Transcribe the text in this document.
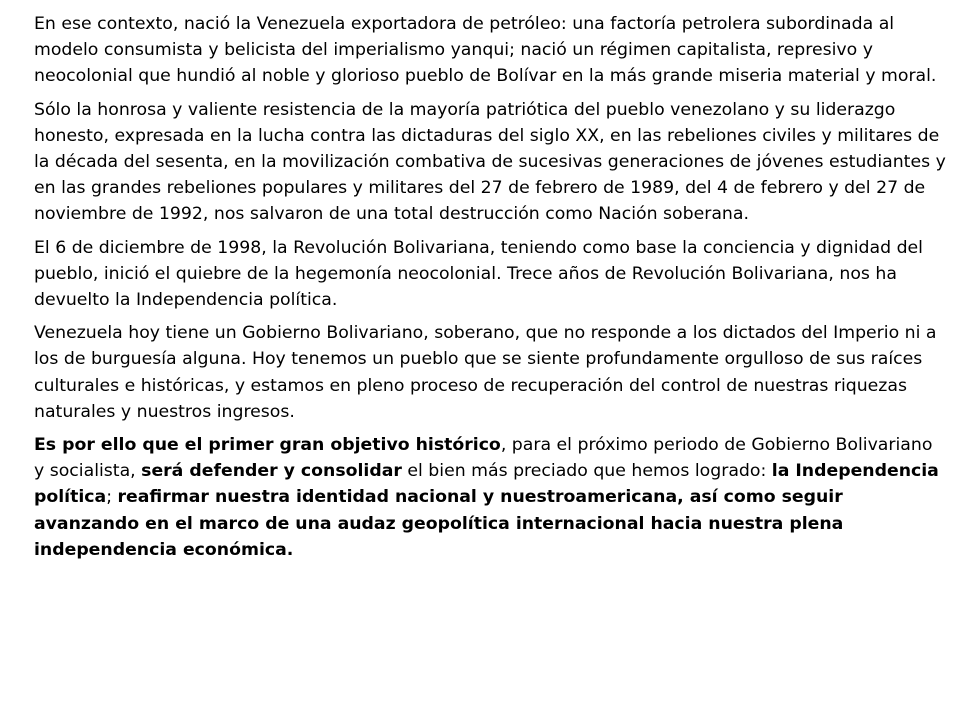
En ese contexto, nació la Venezuela exportadora de petróleo: una factoría petrolera subordinada al modelo consumista y belicista del imperialismo yanqui; nació un régimen capitalista, represivo y neocolonial que hundió al noble y glorioso pueblo de Bolívar en la más grande miseria material y moral.

Sólo la honrosa y valiente resistencia de la mayoría patriótica del pueblo venezolano y su liderazgo honesto, expresada en la lucha contra las dictaduras del siglo XX, en las rebeliones civiles y militares de la década del sesenta, en la movilización combativa de sucesivas generaciones de jóvenes estudiantes y en las grandes rebeliones populares y militares del 27 de febrero de 1989, del 4 de febrero y del 27 de noviembre de 1992, nos salvaron de una total destrucción como Nación soberana.

El 6 de diciembre de 1998, la Revolución Bolivariana, teniendo como base la conciencia y dignidad del pueblo, inició el quiebre de la hegemonía neocolonial. Trece años de Revolución Bolivariana, nos ha devuelto la Independencia política.

Venezuela hoy tiene un Gobierno Bolivariano, soberano, que no responde a los dictados del Imperio ni a los de burguesía alguna. Hoy tenemos un pueblo que se siente profundamente orgulloso de sus raíces culturales e históricas, y estamos en pleno proceso de recuperación del control de nuestras riquezas naturales y nuestros ingresos.

Es por ello que el primer gran objetivo histórico, para el próximo periodo de Gobierno Bolivariano y socialista, será defender y consolidar el bien más preciado que hemos logrado: la Independencia política; reafirmar nuestra identidad nacional y nuestroamericana, así como seguir avanzando en el marco de una audaz geopolítica internacional hacia nuestra plena independencia económica.
